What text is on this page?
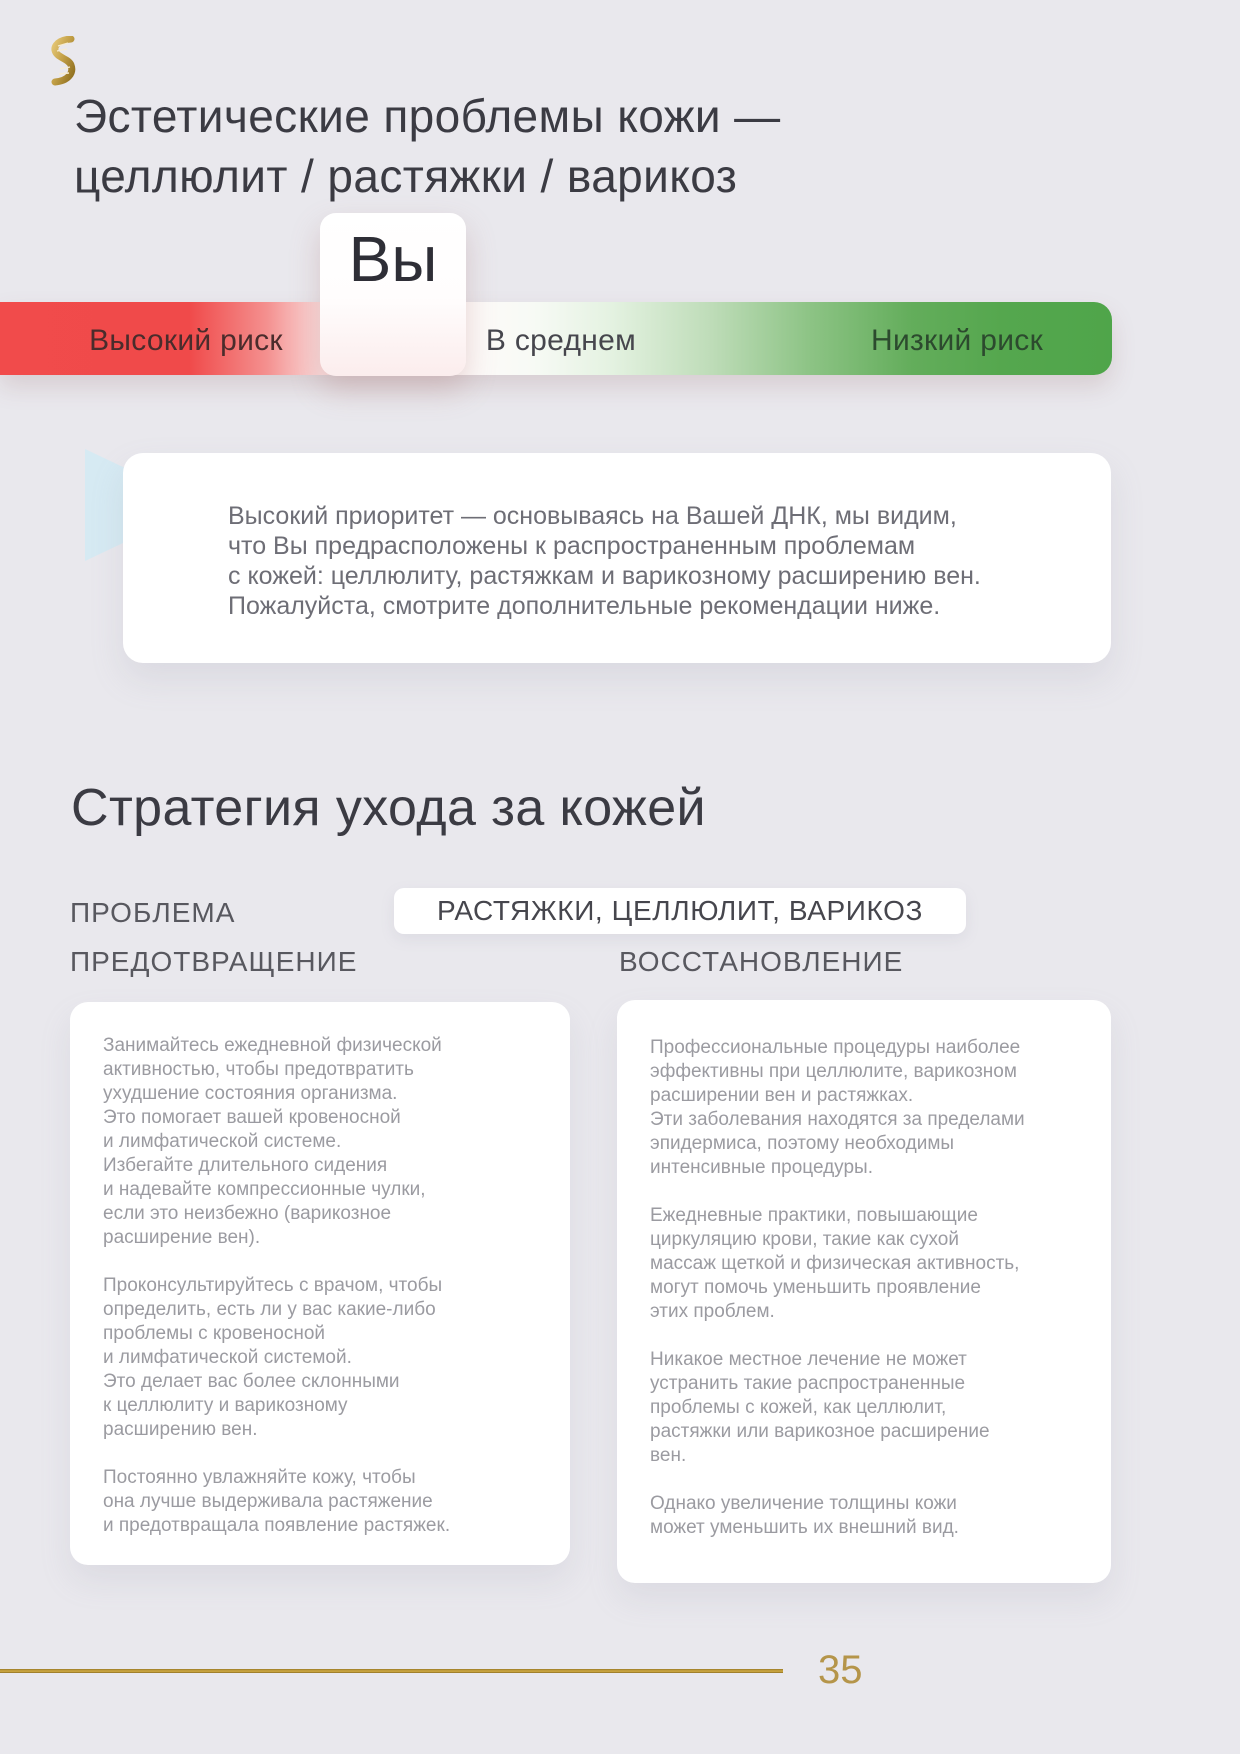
Эстетические проблемы кожи —
целлюлит / растяжки / варикоз
Высокий риск	В среднем	Низкий риск
Вы
Высокий приоритет — основываясь на Вашей ДНК, мы видим,
что Вы предрасположены к распространенным проблемам
с кожей: целлюлиту, растяжкам и варикозному расширению вен.
Пожалуйста, смотрите дополнительные рекомендации ниже.
Стратегия ухода за кожей
ПРОБЛЕМА	РАСТЯЖКИ, ЦЕЛЛЮЛИТ, ВАРИКОЗ
ПРЕДОТВРАЩЕНИЕ	ВОССТАНОВЛЕНИЕ
Занимайтесь ежедневной физической
активностью, чтобы предотвратить
ухудшение состояния организма.
Это помогает вашей кровеносной
и лимфатической системе.
Избегайте длительного сидения
и надевайте компрессионные чулки,
если это неизбежно (варикозное
расширение вен).

Проконсультируйтесь с врачом, чтобы
определить, есть ли у вас какие-либо
проблемы с кровеносной
и лимфатической системой.
Это делает вас более склонными
к целлюлиту и варикозному
расширению вен.

Постоянно увлажняйте кожу, чтобы
она лучше выдерживала растяжение
и предотвращала появление растяжек.
Профессиональные процедуры наиболее
эффективны при целлюлите, варикозном
расширении вен и растяжках.
Эти заболевания находятся за пределами
эпидермиса, поэтому необходимы
интенсивные процедуры.

Ежедневные практики, повышающие
циркуляцию крови, такие как сухой
массаж щеткой и физическая активность,
могут помочь уменьшить проявление
этих проблем.

Никакое местное лечение не может
устранить такие распространенные
проблемы с кожей, как целлюлит,
растяжки или варикозное расширение
вен.

Однако увеличение толщины кожи
может уменьшить их внешний вид.
35
